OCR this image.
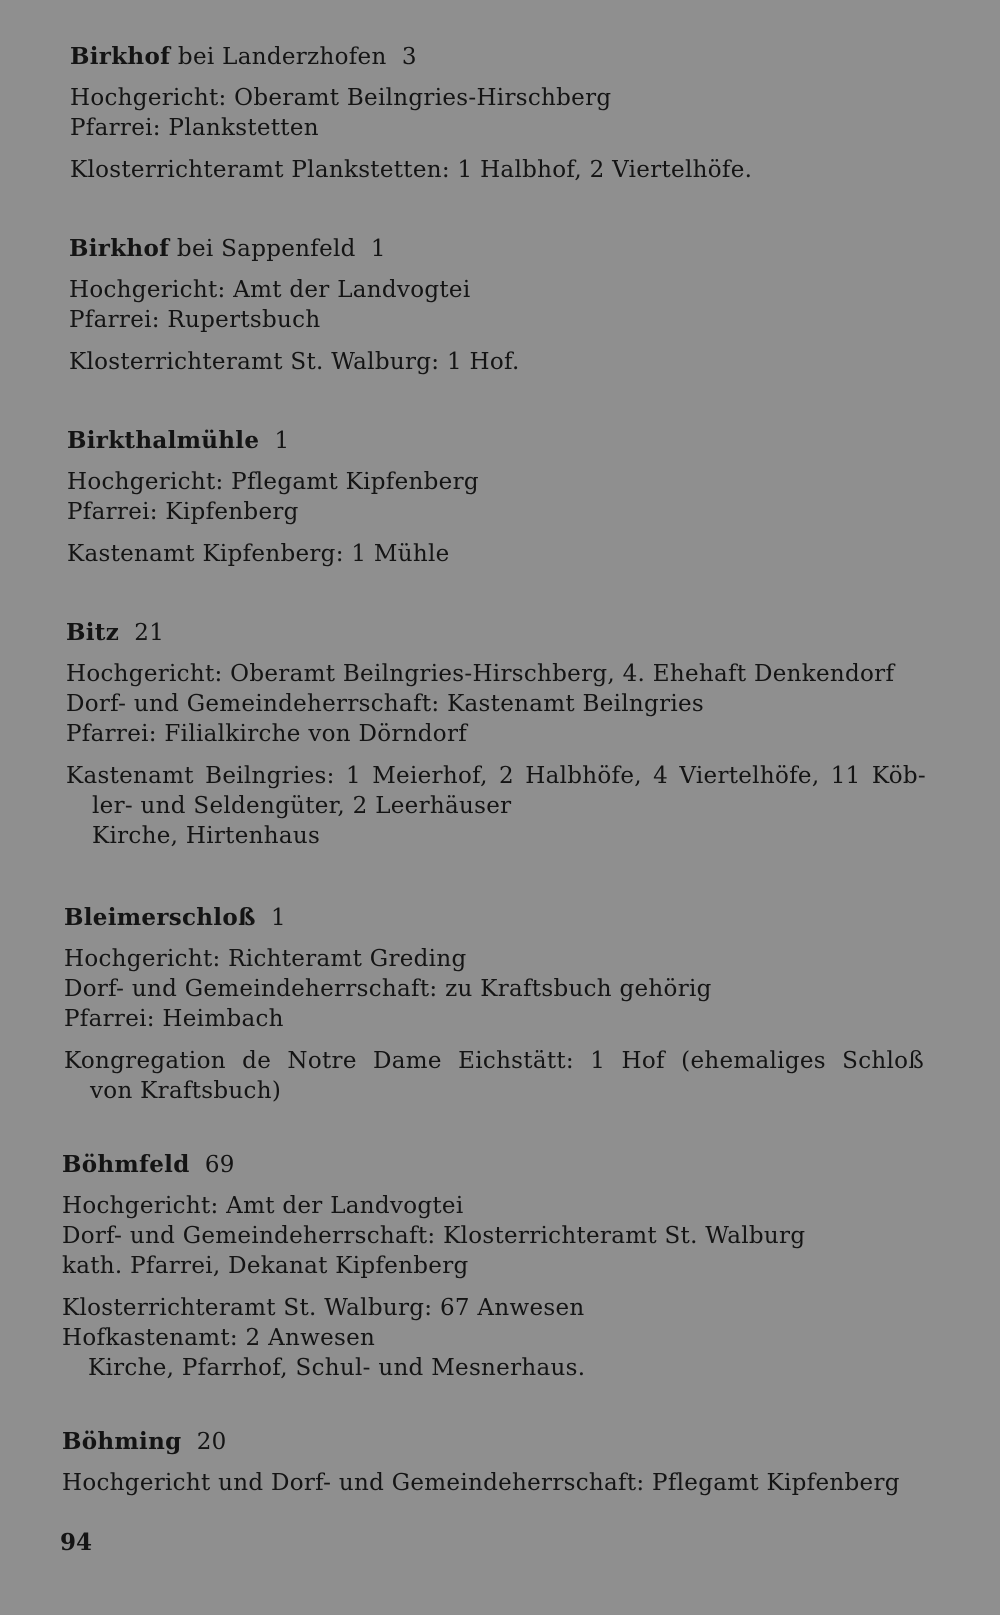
Birkhof bei Landerzhofen 3
Hochgericht: Oberamt Beilngries-Hirschberg
Pfarrei: Plankstetten
Klosterrichteramt Plankstetten: 1 Halbhof, 2 Viertelhöfe.
Birkhof bei Sappenfeld 1
Hochgericht: Amt der Landvogtei
Pfarrei: Rupertsbuch
Klosterrichteramt St. Walburg: 1 Hof.
Birkthalmühle 1
Hochgericht: Pflegamt Kipfenberg
Pfarrei: Kipfenberg
Kastenamt Kipfenberg: 1 Mühle
Bitz 21
Hochgericht: Oberamt Beilngries-Hirschberg, 4. Ehehaft Denkendorf
Dorf- und Gemeindeherrschaft: Kastenamt Beilngries
Pfarrei: Filialkirche von Dörndorf
Kastenamt Beilngries: 1 Meierhof, 2 Halbhöfe, 4 Viertelhöfe, 11 Köb-
ler- und Seldengüter, 2 Leerhäuser
Kirche, Hirtenhaus
Bleimerschloß 1
Hochgericht: Richteramt Greding
Dorf- und Gemeindeherrschaft: zu Kraftsbuch gehörig
Pfarrei: Heimbach
Kongregation de Notre Dame Eichstätt: 1 Hof (ehemaliges Schloß
von Kraftsbuch)
Böhmfeld 69
Hochgericht: Amt der Landvogtei
Dorf- und Gemeindeherrschaft: Klosterrichteramt St. Walburg
kath. Pfarrei, Dekanat Kipfenberg
Klosterrichteramt St. Walburg: 67 Anwesen
Hofkastenamt: 2 Anwesen
Kirche, Pfarrhof, Schul- und Mesnerhaus.
Böhming 20
Hochgericht und Dorf- und Gemeindeherrschaft: Pflegamt Kipfenberg
94
